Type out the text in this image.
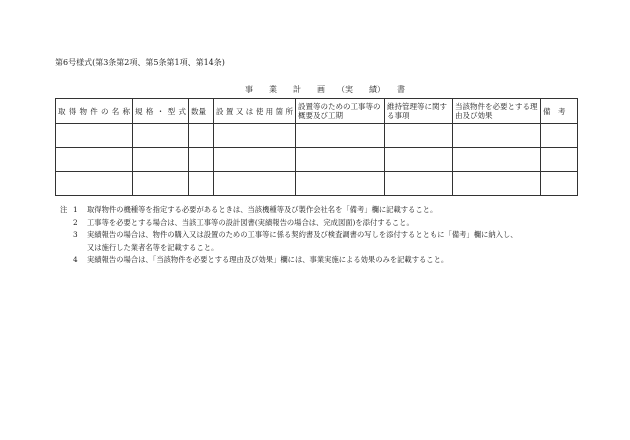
第6号様式(第3条第2項、第5条第1項、第14条)
事　　業　　計　　画　　（実　　績）　　書
取得物件の名称	規格・型式	数量	設置又は使用箇所	設置等のための工事等の概要及び工期	維持管理等に関する事項	当該物件を必要とする理由及び効果	備　考

注 1	取得物件の機種等を指定する必要があるときは、当該機種等及び製作会社名を「備考」欄に記載すること。
2	工事等を必要とする場合は、当該工事等の設計図書(実績報告の場合は、完成図面)を添付すること。
3	実績報告の場合は、物件の購入又は設置のための工事等に係る契約書及び検査調書の写しを添付するとともに「備考」欄に納入し、
又は施行した業者名等を記載すること。
4	実績報告の場合は、「当該物件を必要とする理由及び効果」欄には、事業実施による効果のみを記載すること。
